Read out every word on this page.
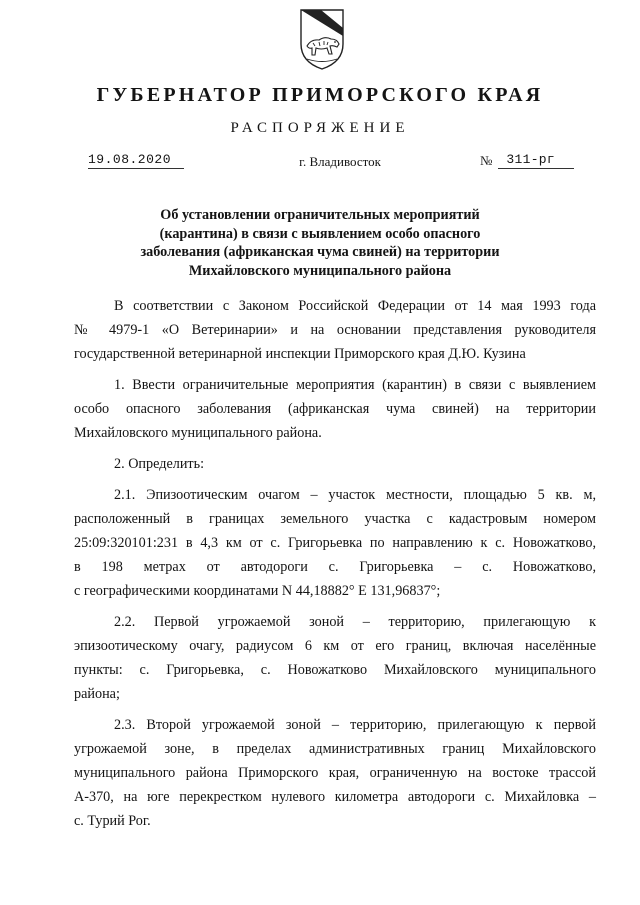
ГУБЕРНАТОР ПРИМОРСКОГО КРАЯ
РАСПОРЯЖЕНИЕ
19.08.2020	г. Владивосток	№	311-рг
Об установлении ограничительных мероприятий
(карантина) в связи с выявлением особо опасного
заболевания (африканская чума свиней) на территории
Михайловского муниципального района
В соответствии с Законом Российской Федерации от 14 мая 1993 года
№ 4979-1 «О Ветеринарии» и на основании представления руководителя
государственной ветеринарной инспекции Приморского края Д.Ю. Кузина
1. Ввести ограничительные мероприятия (карантин) в связи с выявлением
особо опасного заболевания (африканская чума свиней) на территории
Михайловского муниципального района.
2. Определить:
2.1. Эпизоотическим очагом – участок местности, площадью 5 кв. м,
расположенный в границах земельного участка с кадастровым номером
25:09:320101:231 в 4,3 км от с. Григорьевка по направлению к с. Новожатково,
в 198 метрах от автодороги с. Григорьевка – с. Новожатково,
с географическими координатами N 44,18882° E 131,96837°;
2.2. Первой угрожаемой зоной – территорию, прилегающую к
эпизоотическому очагу, радиусом 6 км от его границ, включая населённые
пункты: с. Григорьевка, с. Новожатково Михайловского муниципального
района;
2.3. Второй угрожаемой зоной – территорию, прилегающую к первой
угрожаемой зоне, в пределах административных границ Михайловского
муниципального района Приморского края, ограниченную на востоке трассой
А-370, на юге перекрестком нулевого километра автодороги с. Михайловка –
с. Турий Рог.
